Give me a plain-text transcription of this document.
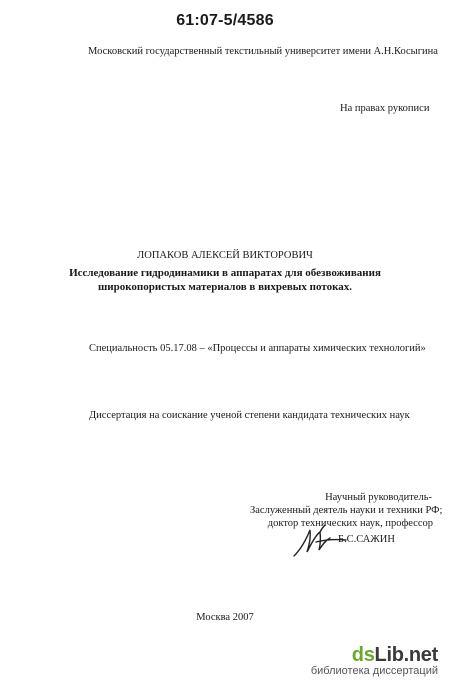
61:07-5/4586
Московский государственный текстильный университет имени А.Н.Косыгина
На правах рукописи
ЛОПАКОВ АЛЕКСЕЙ ВИКТОРОВИЧ
Исследование гидродинамики в аппаратах для обезвоживания
широкопористых материалов в вихревых потоках.
Специальность 05.17.08 – «Процессы и аппараты химических технологий»
Диссертация на соискание ученой степени кандидата технических наук
Научный руководитель-
Заслуженный деятель науки и техники РФ;
доктор технических наук, профессор
Б.С.САЖИН
Москва 2007
dsLib.net
библиотека диссертаций
